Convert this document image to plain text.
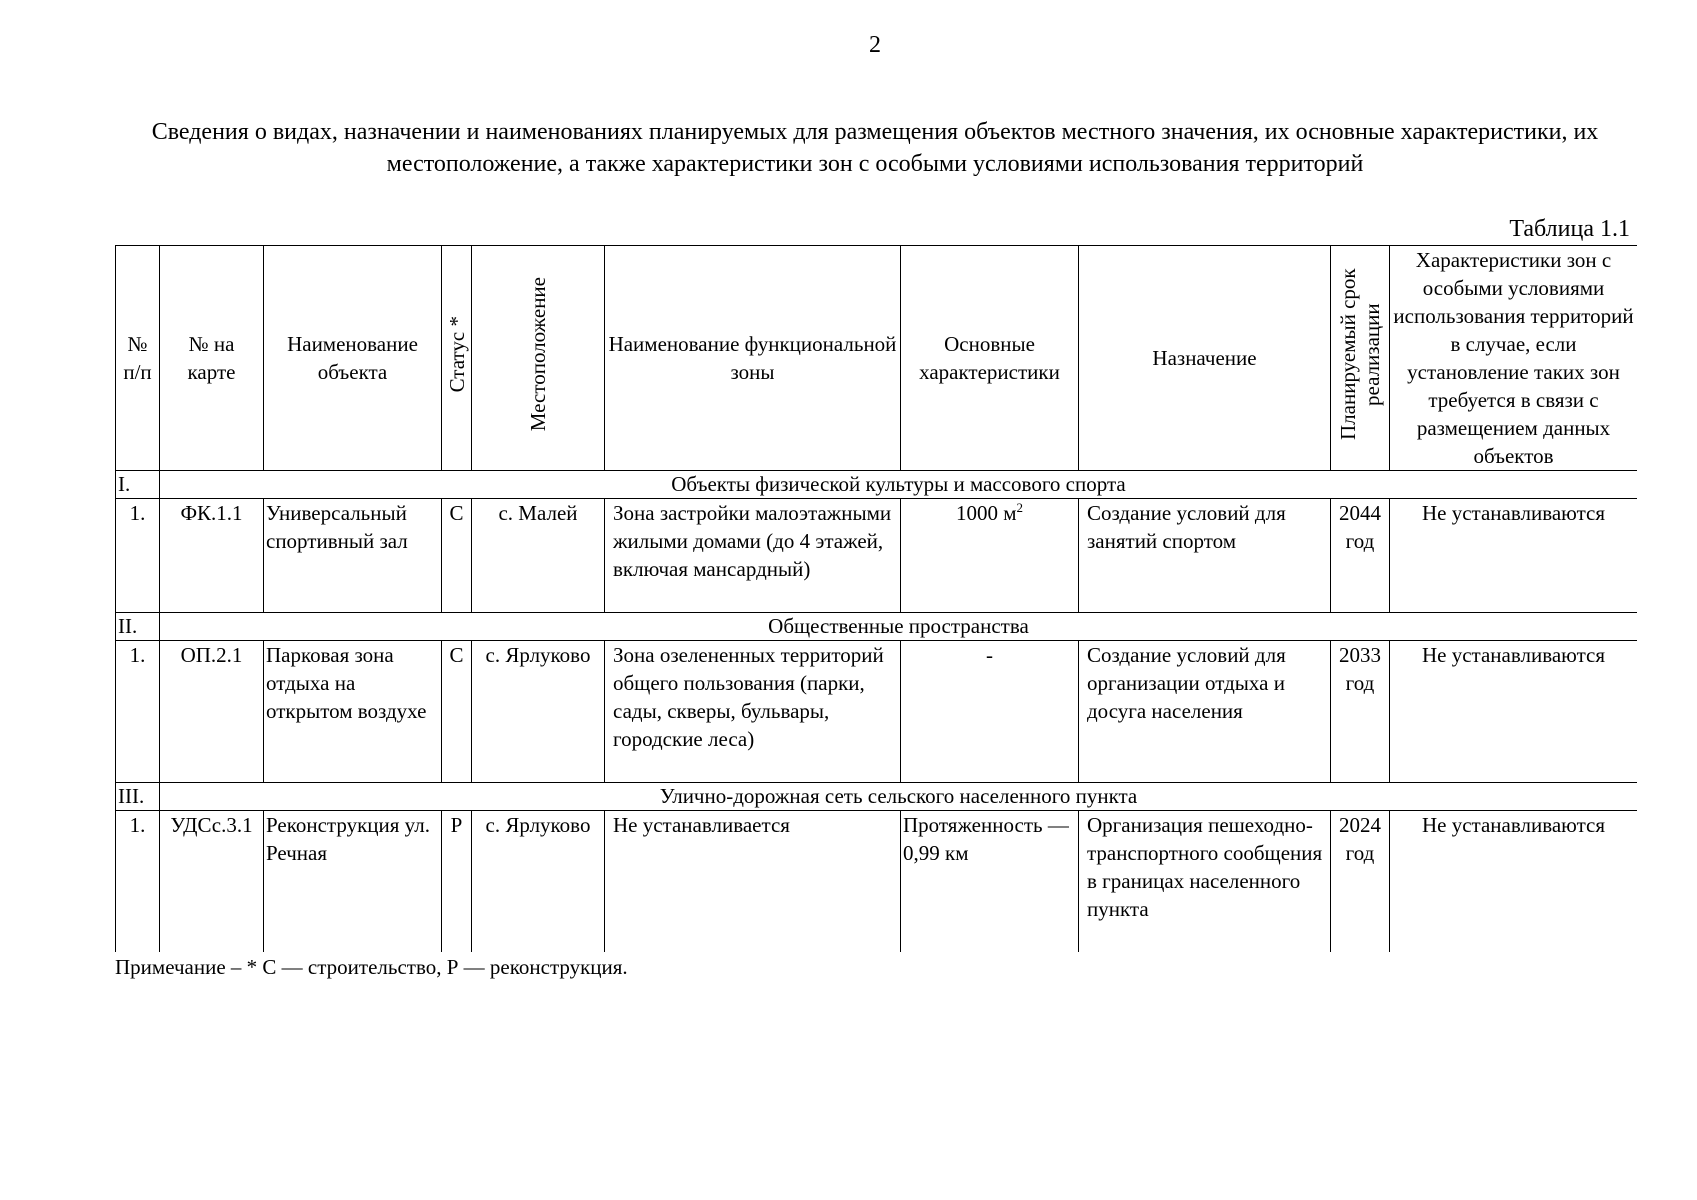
2
Сведения о видах, назначении и наименованиях планируемых для размещения объектов местного значения, их основные характеристики, их местоположение, а также характеристики зон с особыми условиями использования территорий
Таблица 1.1
№ п/п	№ на карте	Наименование объекта	Статус *	Местоположение	Наименование функциональной зоны	Основные характеристики	Назначение	Планируемый срок реализации	Характеристики зон с особыми условиями использования территорий в случае, если установление таких зон требуется в связи с размещением данных объектов
I.	Объекты физической культуры и массового спорта								
1.	ФК.1.1	Универсальный спортивный зал	С	с. Малей	Зона застройки малоэтажными жилыми домами (до 4 этажей, включая мансардный)	1000 $м^2$	Создание условий для занятий спортом	2044 год	Не устанавливаются
II.	Общественные пространства								
1.	ОП.2.1	Парковая зона отдыха на открытом воздухе	С	с. Ярлуково	Зона озелененных территорий общего пользования (парки, сады, скверы, бульвары, городские леса)	-	Создание условий для организации отдыха и досуга населения	2033 год	Не устанавливаются
III.	Улично-дорожная сеть сельского населенного пункта								
1.	УДСс.3.1	Реконструкция ул. Речная	Р	с. Ярлуково	Не устанавливается	Протяженность — 0,99 км	Организация пешеходно-транспортного сообщения в границах населенного пункта	2024 год	Не устанавливаются
Примечание – * С — строительство, Р — реконструкция.
